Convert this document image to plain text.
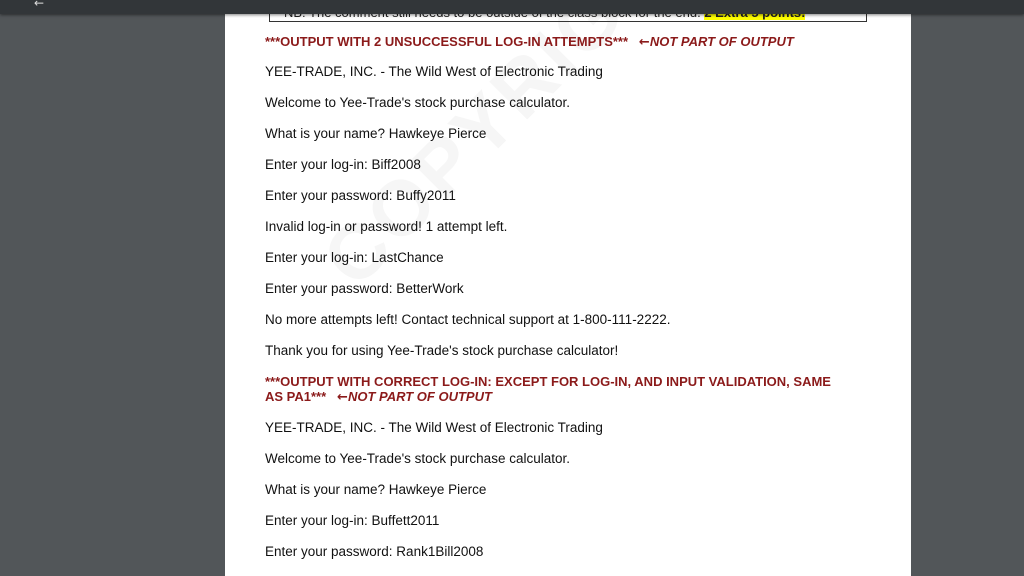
←
***OUTPUT WITH 2 UNSUCCESSFUL LOG-IN ATTEMPTS*** ←NOT PART OF OUTPUT
YEE-TRADE, INC. - The Wild West of Electronic Trading
Welcome to Yee-Trade's stock purchase calculator.
What is your name? Hawkeye Pierce
Enter your log-in: Biff2008
Enter your password: Buffy2011
Invalid log-in or password! 1 attempt left.
Enter your log-in: LastChance
Enter your password: BetterWork
No more attempts left! Contact technical support at 1-800-111-2222.
Thank you for using Yee-Trade's stock purchase calculator!
***OUTPUT WITH CORRECT LOG-IN: EXCEPT FOR LOG-IN, AND INPUT VALIDATION, SAME
AS PA1*** ←NOT PART OF OUTPUT
YEE-TRADE, INC. - The Wild West of Electronic Trading
Welcome to Yee-Trade's stock purchase calculator.
What is your name? Hawkeye Pierce
Enter your log-in: Buffett2011
Enter your password: Rank1Bill2008
